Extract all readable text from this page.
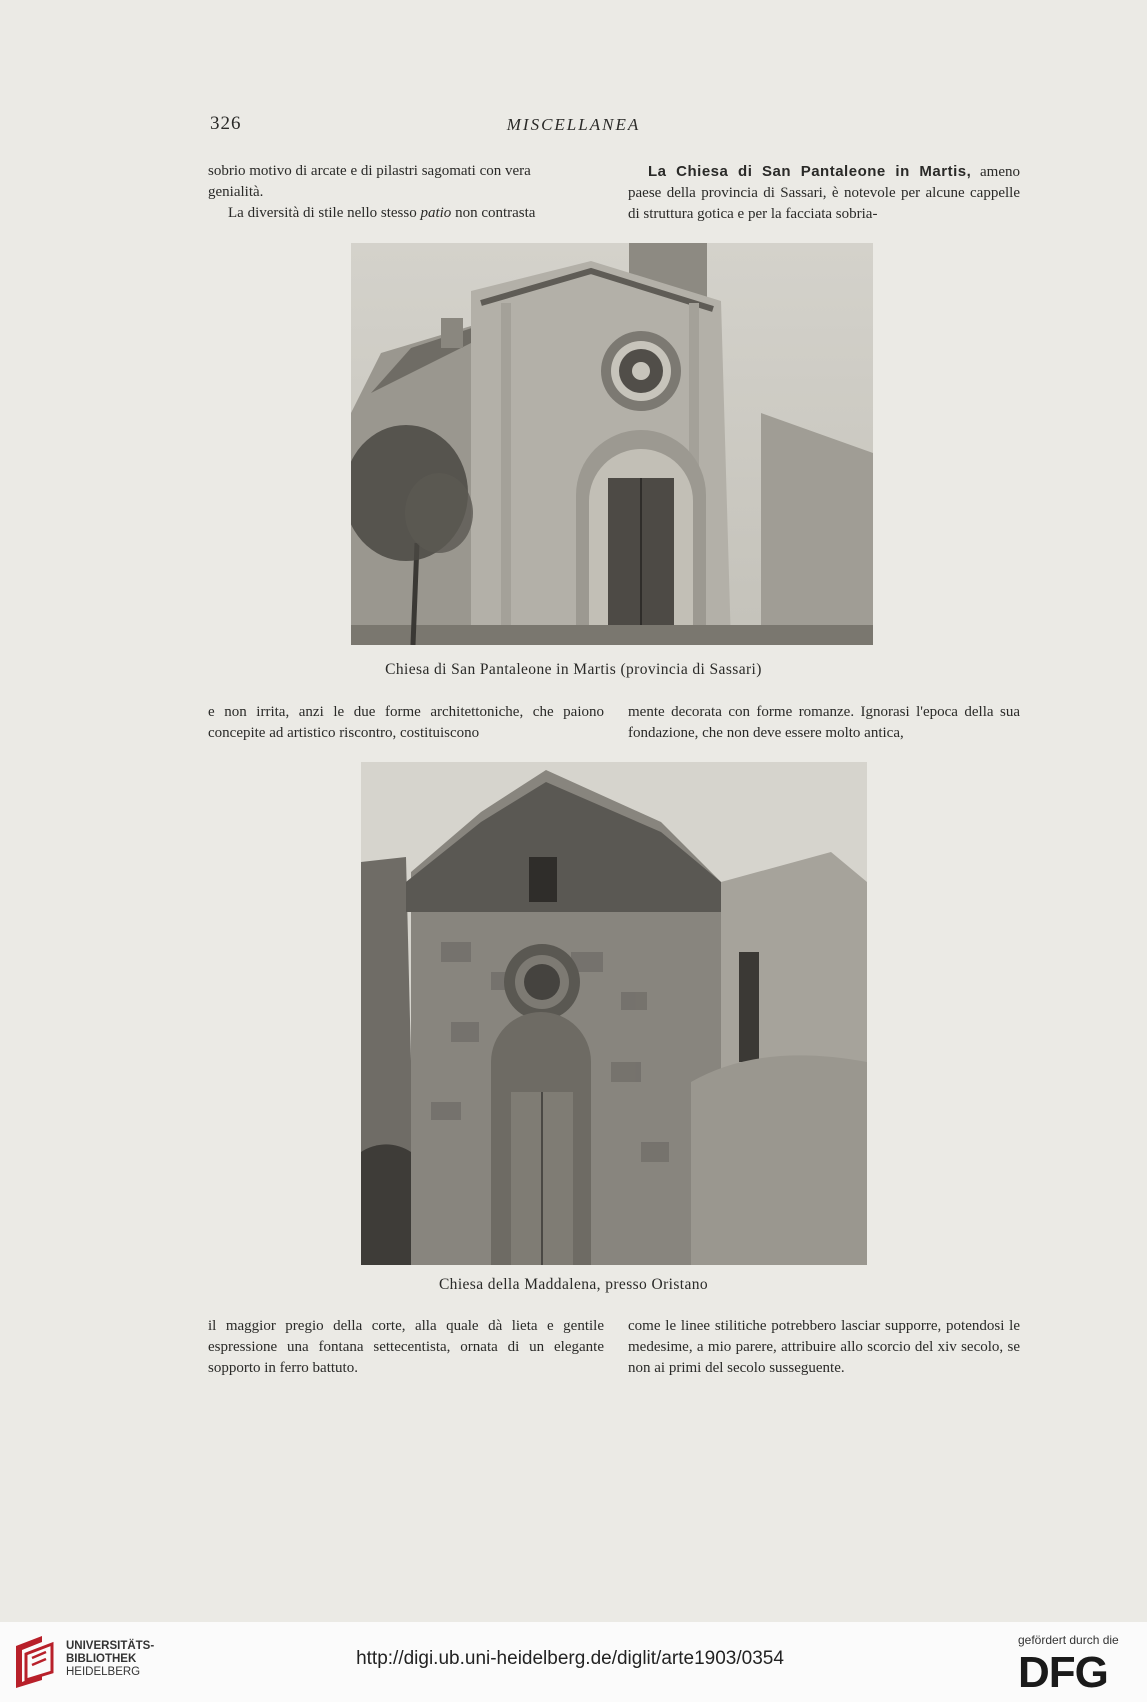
326	MISCELLANEA

sobrio motivo di arcate e di pilastri sagomati con vera

genialità.

La diversità di stile nello stesso patio non contrasta

La Chiesa di San Pantaleone in Martis, ameno paese della provincia di Sassari, è notevole per alcune cappelle di struttura gotica e per la facciata sobria-

Chiesa di San Pantaleone in Martis (provincia di Sassari)

e non irrita, anzi le due forme architettoniche, che paiono concepite ad artistico riscontro, costituiscono

mente decorata con forme romanze. Ignorasi l'epoca della sua fondazione, che non deve essere molto antica,

Chiesa della Maddalena, presso Oristano

il maggior pregio della corte, alla quale dà lieta e gentile espressione una fontana settecentista, ornata di un elegante sopporto in ferro battuto.

come le linee stilitiche potrebbero lasciar supporre, potendosi le medesime, a mio parere, attribuire allo scorcio del xiv secolo, se non ai primi del secolo susseguente.

UNIVERSITÄTS-
BIBLIOTHEK
HEIDELBERG
http://digi.ub.uni-heidelberg.de/diglit/arte1903/0354
gefördert durch die
DFG
